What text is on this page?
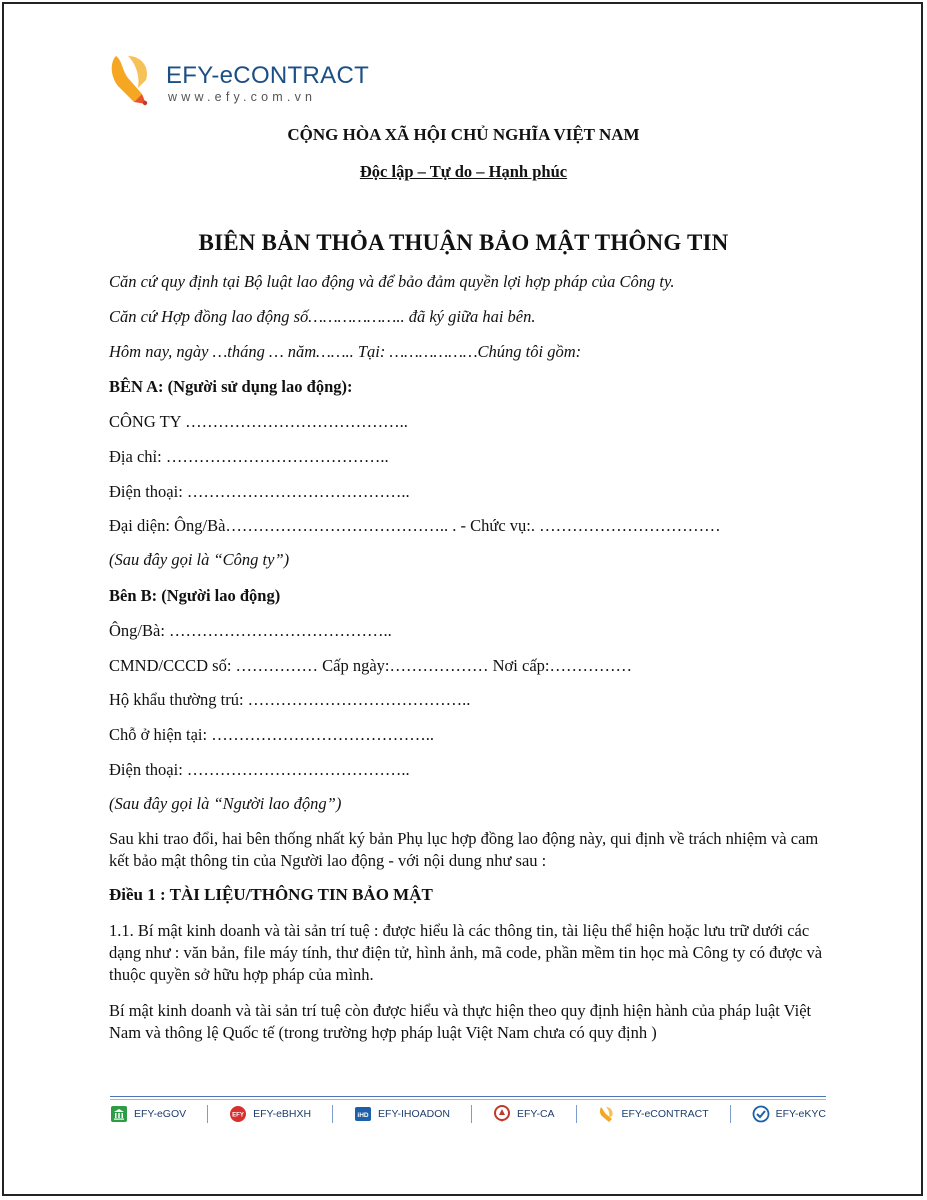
EFY-eCONTRACT
www.efy.com.vn
CỘNG HÒA XÃ HỘI CHỦ NGHĨA VIỆT NAM
Độc lập – Tự do – Hạnh phúc
BIÊN BẢN THỎA THUẬN BẢO MẬT THÔNG TIN
Căn cứ quy định tại Bộ luật lao động và để bảo đảm quyền lợi hợp pháp của Công ty.
Căn cứ Hợp đồng lao động số……………….. đã ký giữa hai bên.
Hôm nay, ngày …tháng … năm…….. Tại: ………………Chúng tôi gồm:
BÊN A: (Người sử dụng lao động):
CÔNG TY …………………………………..
Địa chỉ: …………………………………..
Điện thoại: …………………………………..
Đại diện: Ông/Bà………………………………….. . - Chức vụ:. ……………………………
(Sau đây gọi là “Công ty”)
Bên B: (Người lao động)
Ông/Bà: …………………………………..
CMND/CCCD số: …………… Cấp ngày:……………… Nơi cấp:……………
Hộ khẩu thường trú: …………………………………..
Chỗ ở hiện tại: …………………………………..
Điện thoại: …………………………………..
(Sau đây gọi là “Người lao động”)
Sau khi trao đổi, hai bên thống nhất ký bản Phụ lục hợp đồng lao động này, qui định về trách nhiệm và cam kết bảo mật thông tin của Người lao động - với nội dung như sau :
Điều 1 : TÀI LIỆU/THÔNG TIN BẢO MẬT
1.1. Bí mật kinh doanh và tài sản trí tuệ : được hiểu là các thông tin, tài liệu thể hiện hoặc lưu trữ dưới các dạng như : văn bản, file máy tính, thư điện tử, hình ảnh, mã code, phần mềm tin học mà Công ty có được và thuộc quyền sở hữu hợp pháp của mình.
Bí mật kinh doanh và tài sản trí tuệ còn được hiểu và thực hiện theo quy định hiện hành của pháp luật Việt Nam và thông lệ Quốc tế (trong trường hợp pháp luật Việt Nam chưa có quy định )
EFY-eGOV	EFY EFY-eBHXH	iHD EFY-IHOADON	EFY-CA	EFY-eCONTRACT	EFY-eKYC
